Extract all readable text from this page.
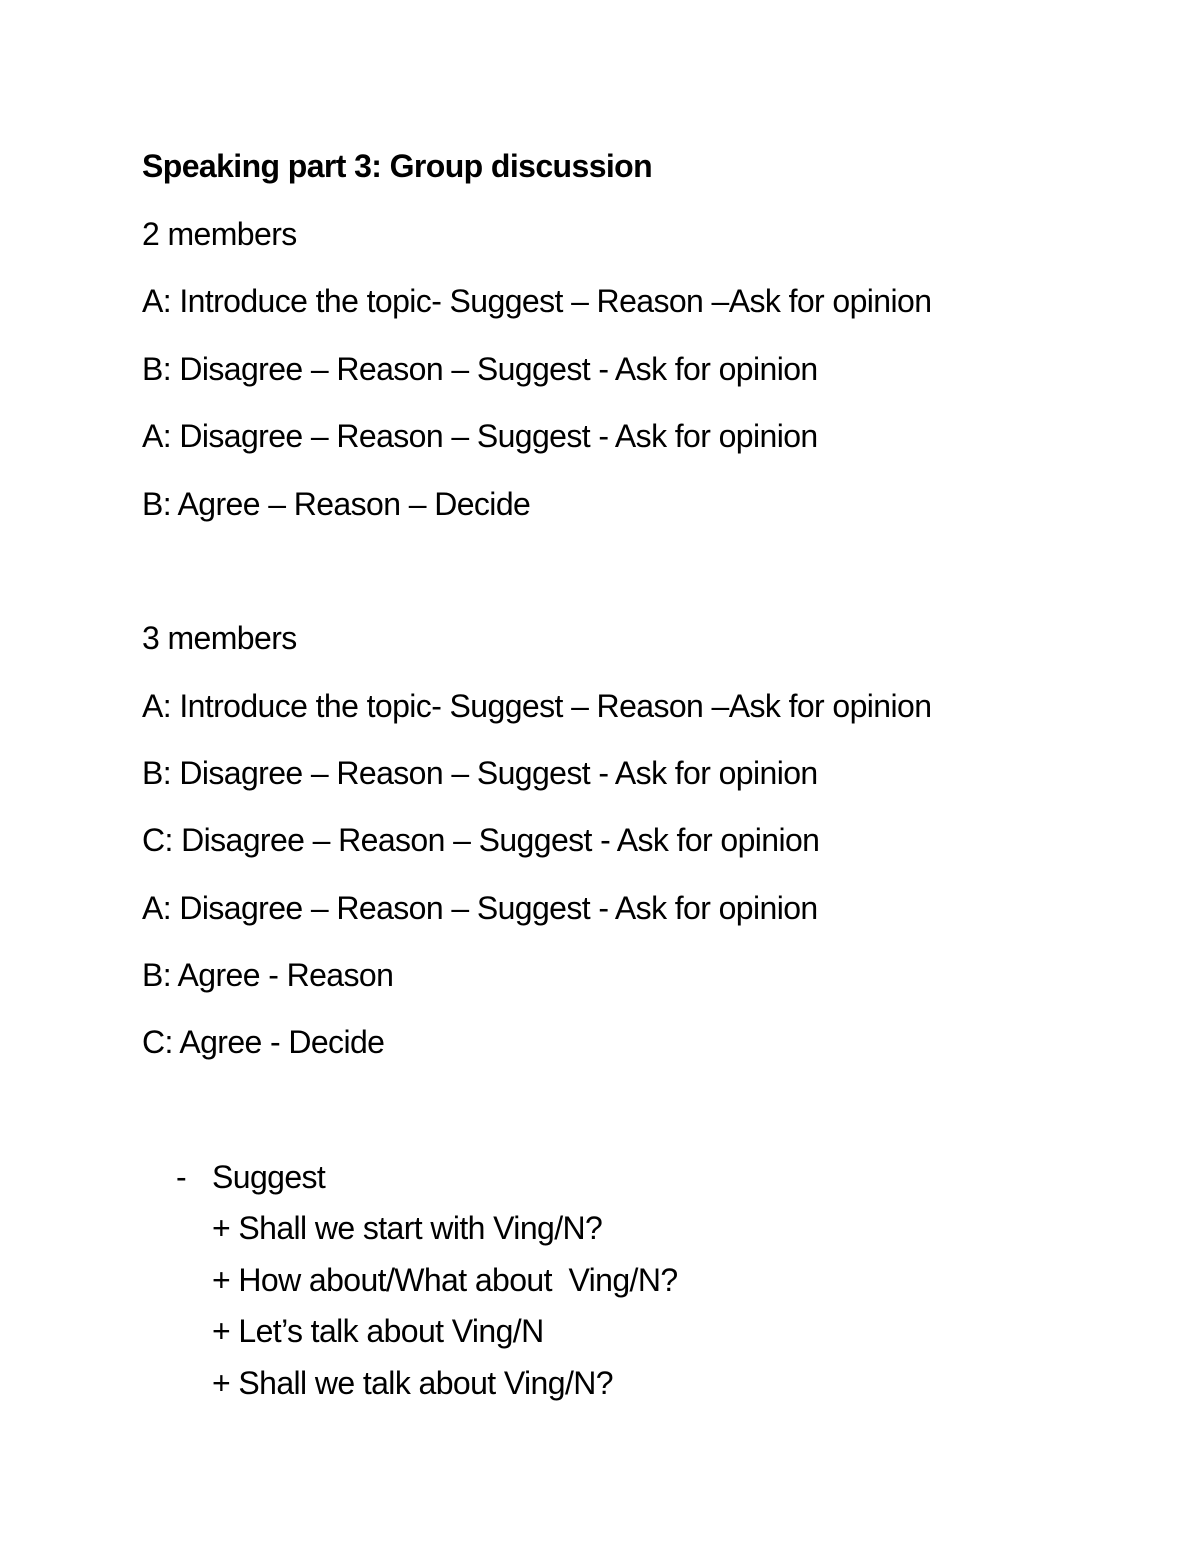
Speaking part 3: Group discussion
2 members
A: Introduce the topic- Suggest – Reason –Ask for opinion
B: Disagree – Reason – Suggest - Ask for opinion
A: Disagree – Reason – Suggest - Ask for opinion
B: Agree – Reason – Decide
3 members
A: Introduce the topic- Suggest – Reason –Ask for opinion
B: Disagree – Reason – Suggest - Ask for opinion
C: Disagree – Reason – Suggest - Ask for opinion
A: Disagree – Reason – Suggest - Ask for opinion
B: Agree - Reason
C: Agree - Decide
- Suggest
+ Shall we start with Ving/N?
+ How about/What about  Ving/N?
+ Let’s talk about Ving/N
+ Shall we talk about Ving/N?
